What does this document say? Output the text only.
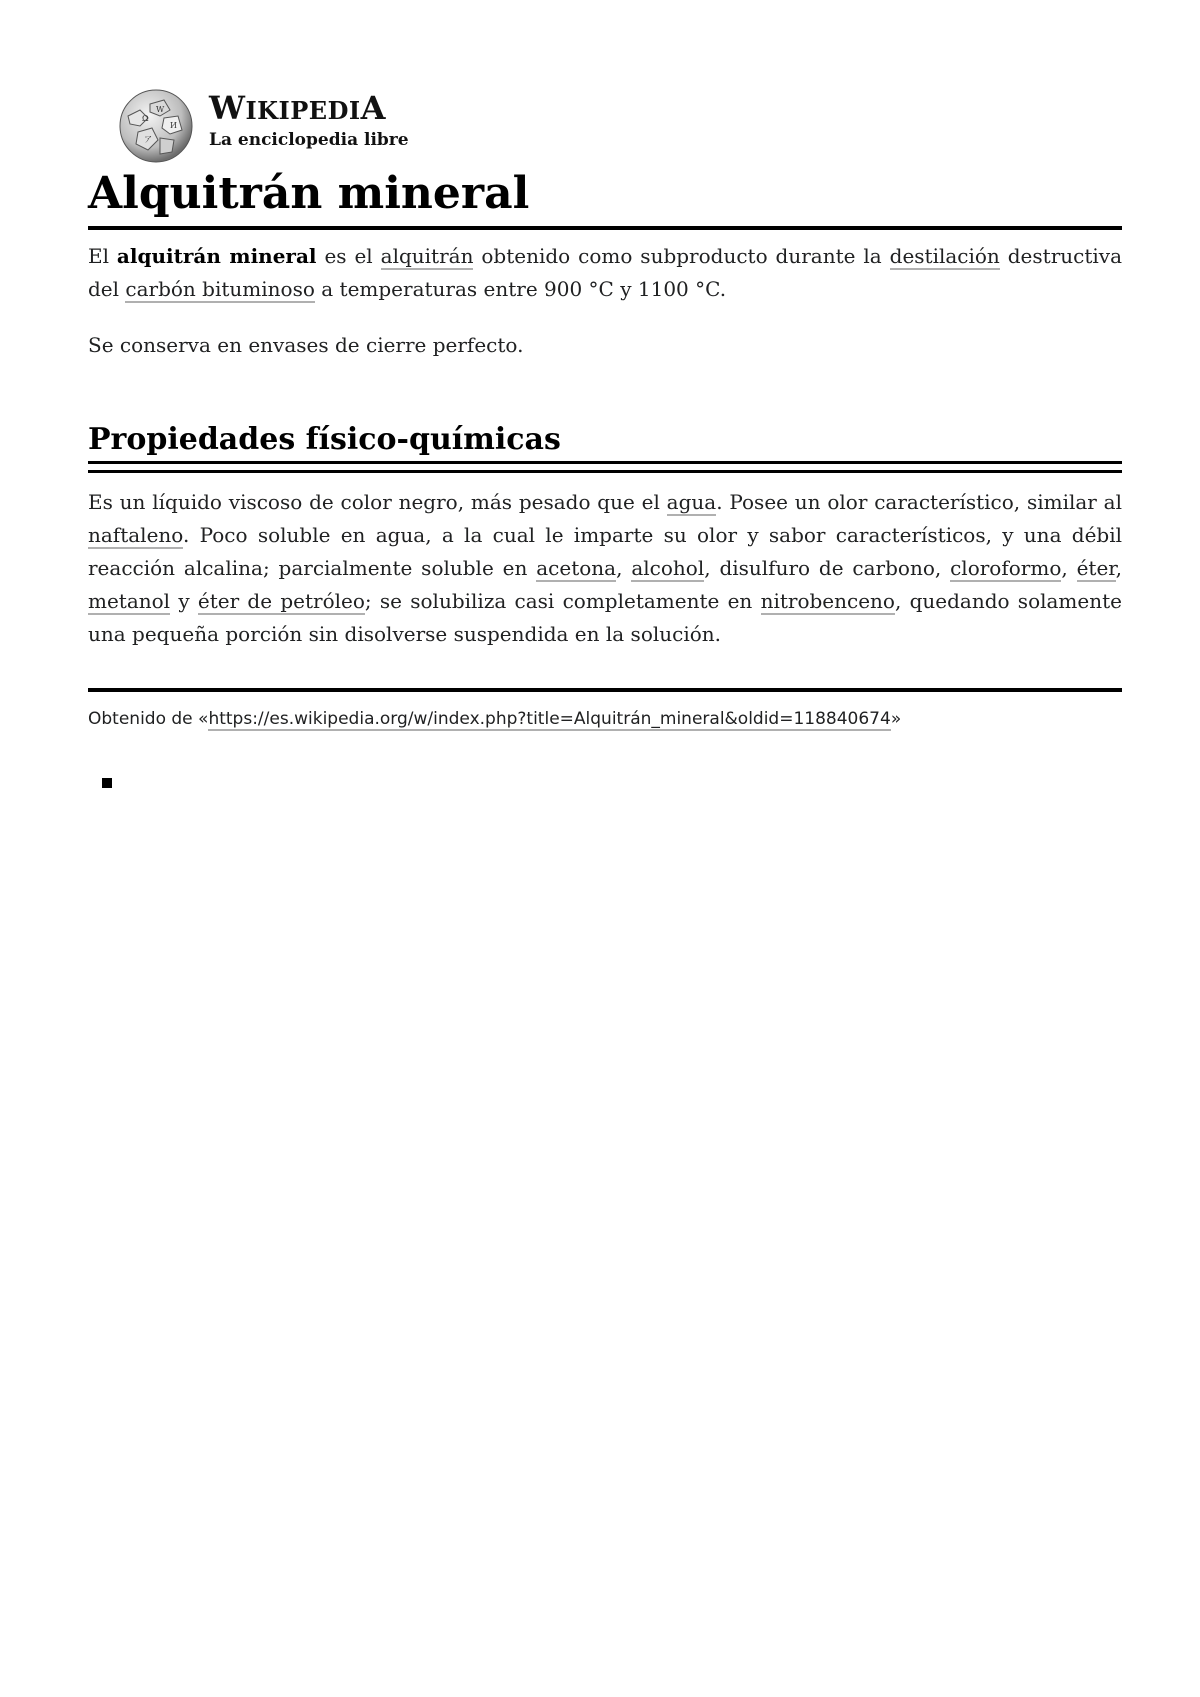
Ω
W
И
ア
WIKIPEDIA
La enciclopedia libre
Alquitrán mineral

El alquitrán mineral es el alquitrán obtenido como subproducto durante la destilación destructiva del carbón bituminoso a temperaturas entre 900 °C y 1100 °C.

Se conserva en envases de cierre perfecto.

Propiedades físico-químicas

Es un líquido viscoso de color negro, más pesado que el agua. Posee un olor característico, similar al naftaleno. Poco soluble en agua, a la cual le imparte su olor y sabor característicos, y una débil reacción alcalina; parcialmente soluble en acetona, alcohol, disulfuro de carbono, cloroformo, éter, metanol y éter de petróleo; se solubiliza casi completamente en nitrobenceno, quedando solamente una pequeña porción sin disolverse suspendida en la solución.

Obtenido de «https://es.wikipedia.org/w/index.php?title=Alquitrán_mineral&oldid=118840674»
